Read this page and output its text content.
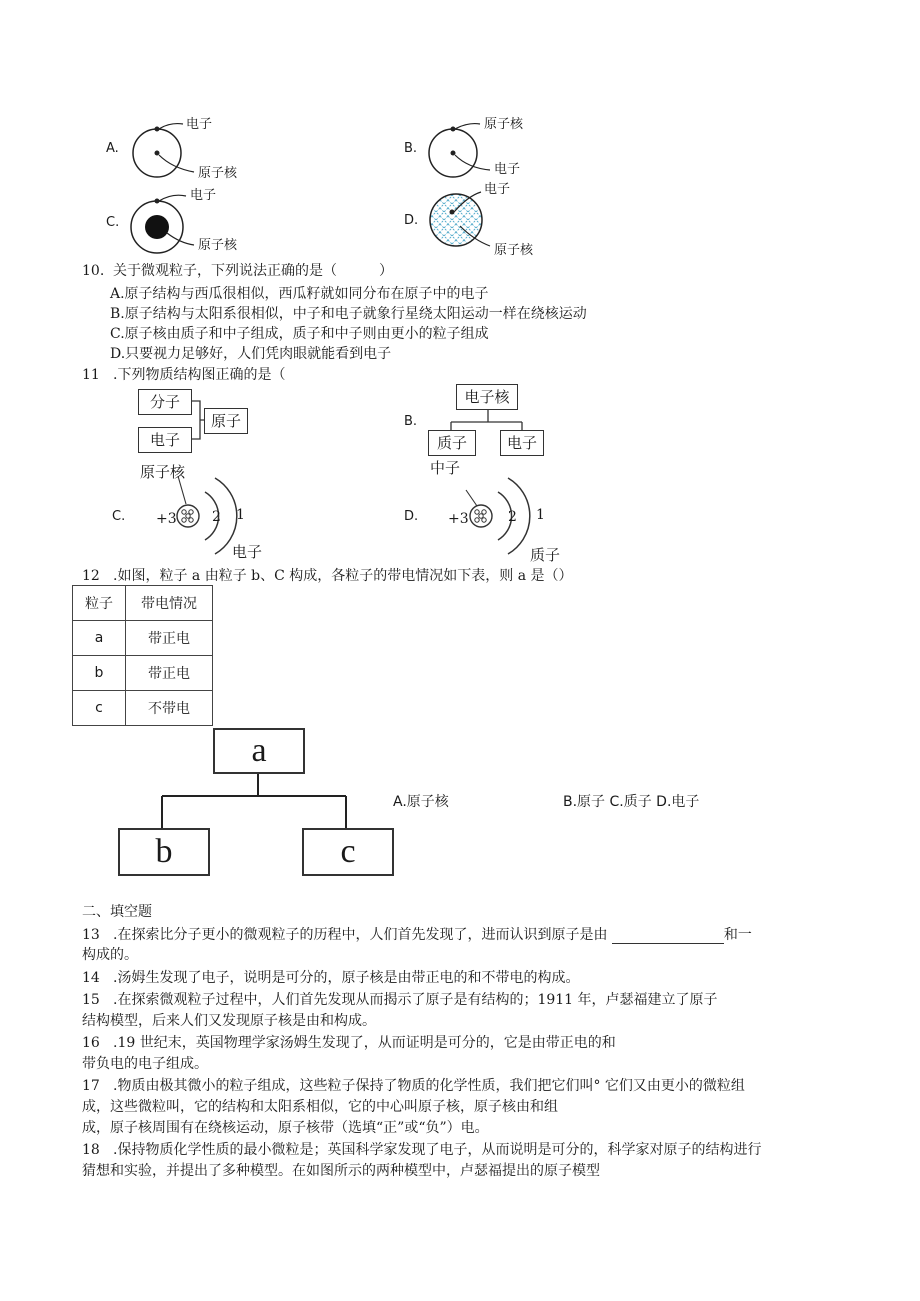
A.
电子
原子核
B.
原子核
电子
C.
电子
原子核
D.
电子
原子核
10. 关于微观粒子，下列说法正确的是（　　　）
A.原子结构与西瓜很相似，西瓜籽就如同分布在原子中的电子
B.原子结构与太阳系很相似，中子和电子就象行星绕太阳运动一样在绕核运动
C.原子核由质子和中子组成，质子和中子则由更小的粒子组成
D.只要视力足够好，人们凭肉眼就能看到电子
11 .下列物质结构图正确的是（
分子
电子
原子	B.
电子核
质子	电子
中子
C.
原子核
+3	2 1
电子
D. +3	2 1
质子
12 .如图，粒子 a 由粒子 b、C 构成，各粒子的带电情况如下表，则 a 是（）
粒子	带电情况
a	带正电
b	带正电
c	不带电
a
b	c
A.原子核	B.原子 C.质子 D.电子
二、填空题
13 .在探索比分子更小的微观粒子的历程中，人们首先发现了，进而认识到原子是由	和一
构成的。
14 .汤姆生发现了电子，说明是可分的，原子核是由带正电的和不带电的构成。
15 .在探索微观粒子过程中，人们首先发现从而揭示了原子是有结构的；1911 年，卢瑟福建立了原子
结构模型，后来人们又发现原子核是由和构成。
16 .19 世纪末，英国物理学家汤姆生发现了，从而证明是可分的，它是由带正电的和
带负电的电子组成。
17 .物质由极其微小的粒子组成，这些粒子保持了物质的化学性质，我们把它们叫° 它们又由更小的微粒组
成，这些微粒叫，它的结构和太阳系相似，它的中心叫原子核，原子核由和组
成，原子核周围有在绕核运动，原子核带（选填“正”或“负”）电。
18 .保持物质化学性质的最小微粒是；英国科学家发现了电子，从而说明是可分的，科学家对原子的结构进行
猜想和实验，并提出了多种模型。在如图所示的两种模型中，卢瑟福提出的原子模型
